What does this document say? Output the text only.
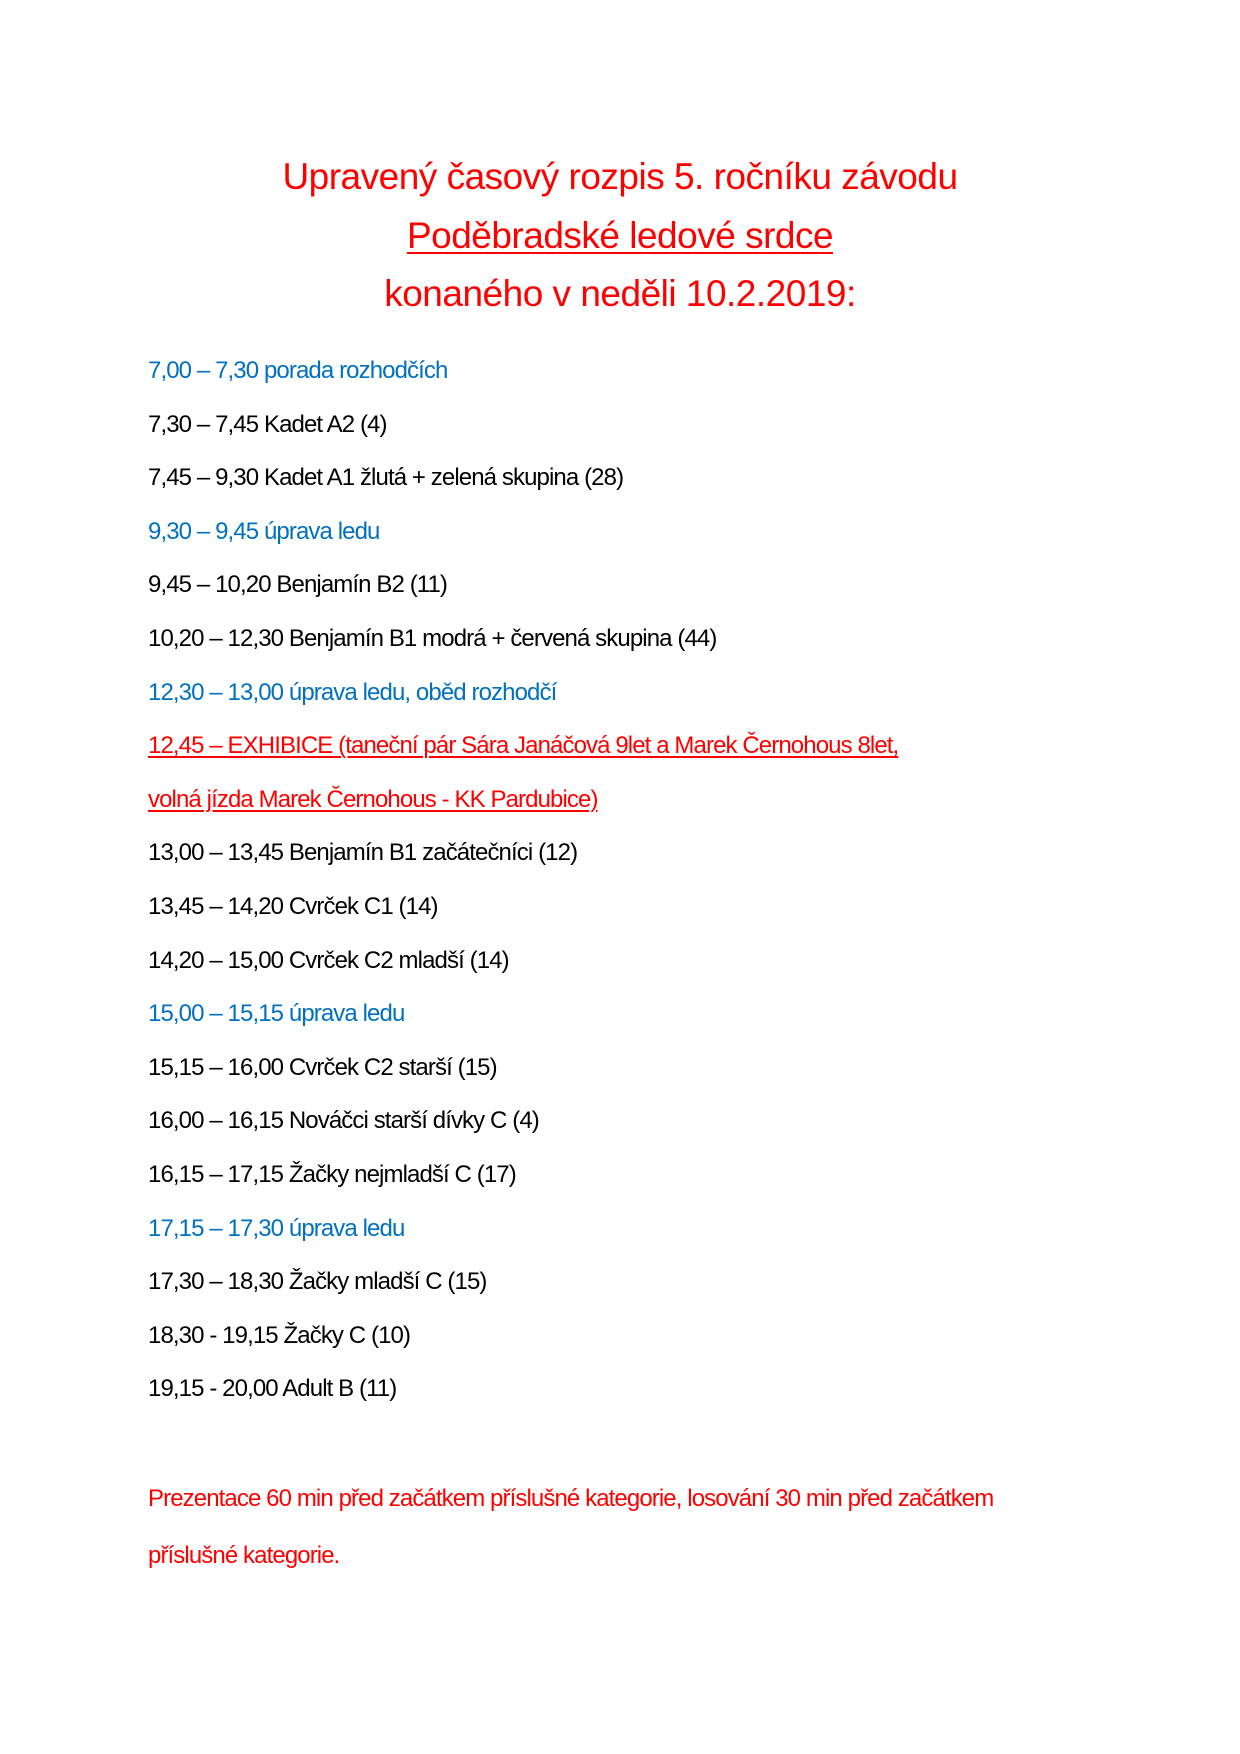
Upravený časový rozpis 5. ročníku závodu
Poděbradské ledové srdce
konaného v neděli 10.2.2019:
7,00 – 7,30 porada rozhodčích
7,30 – 7,45 Kadet A2 (4)
7,45 – 9,30 Kadet A1 žlutá + zelená skupina (28)
9,30 – 9,45 úprava ledu
9,45 – 10,20 Benjamín B2 (11)
10,20 – 12,30 Benjamín B1 modrá + červená skupina (44)
12,30 – 13,00 úprava ledu, oběd rozhodčí
12,45 – EXHIBICE (taneční pár Sára Janáčová 9let a Marek Černohous 8let,
volná jízda Marek Černohous - KK Pardubice)
13,00 – 13,45 Benjamín B1 začátečníci (12)
13,45 – 14,20 Cvrček C1 (14)
14,20 – 15,00 Cvrček C2 mladší (14)
15,00 – 15,15 úprava ledu
15,15 – 16,00 Cvrček C2 starší (15)
16,00 – 16,15 Nováčci starší dívky C (4)
16,15 – 17,15 Žačky nejmladší C (17)
17,15 – 17,30 úprava ledu
17,30 – 18,30 Žačky mladší C (15)
18,30 - 19,15 Žačky C (10)
19,15 - 20,00 Adult B (11)
Prezentace 60 min před začátkem příslušné kategorie, losování 30 min před začátkem
příslušné kategorie.
